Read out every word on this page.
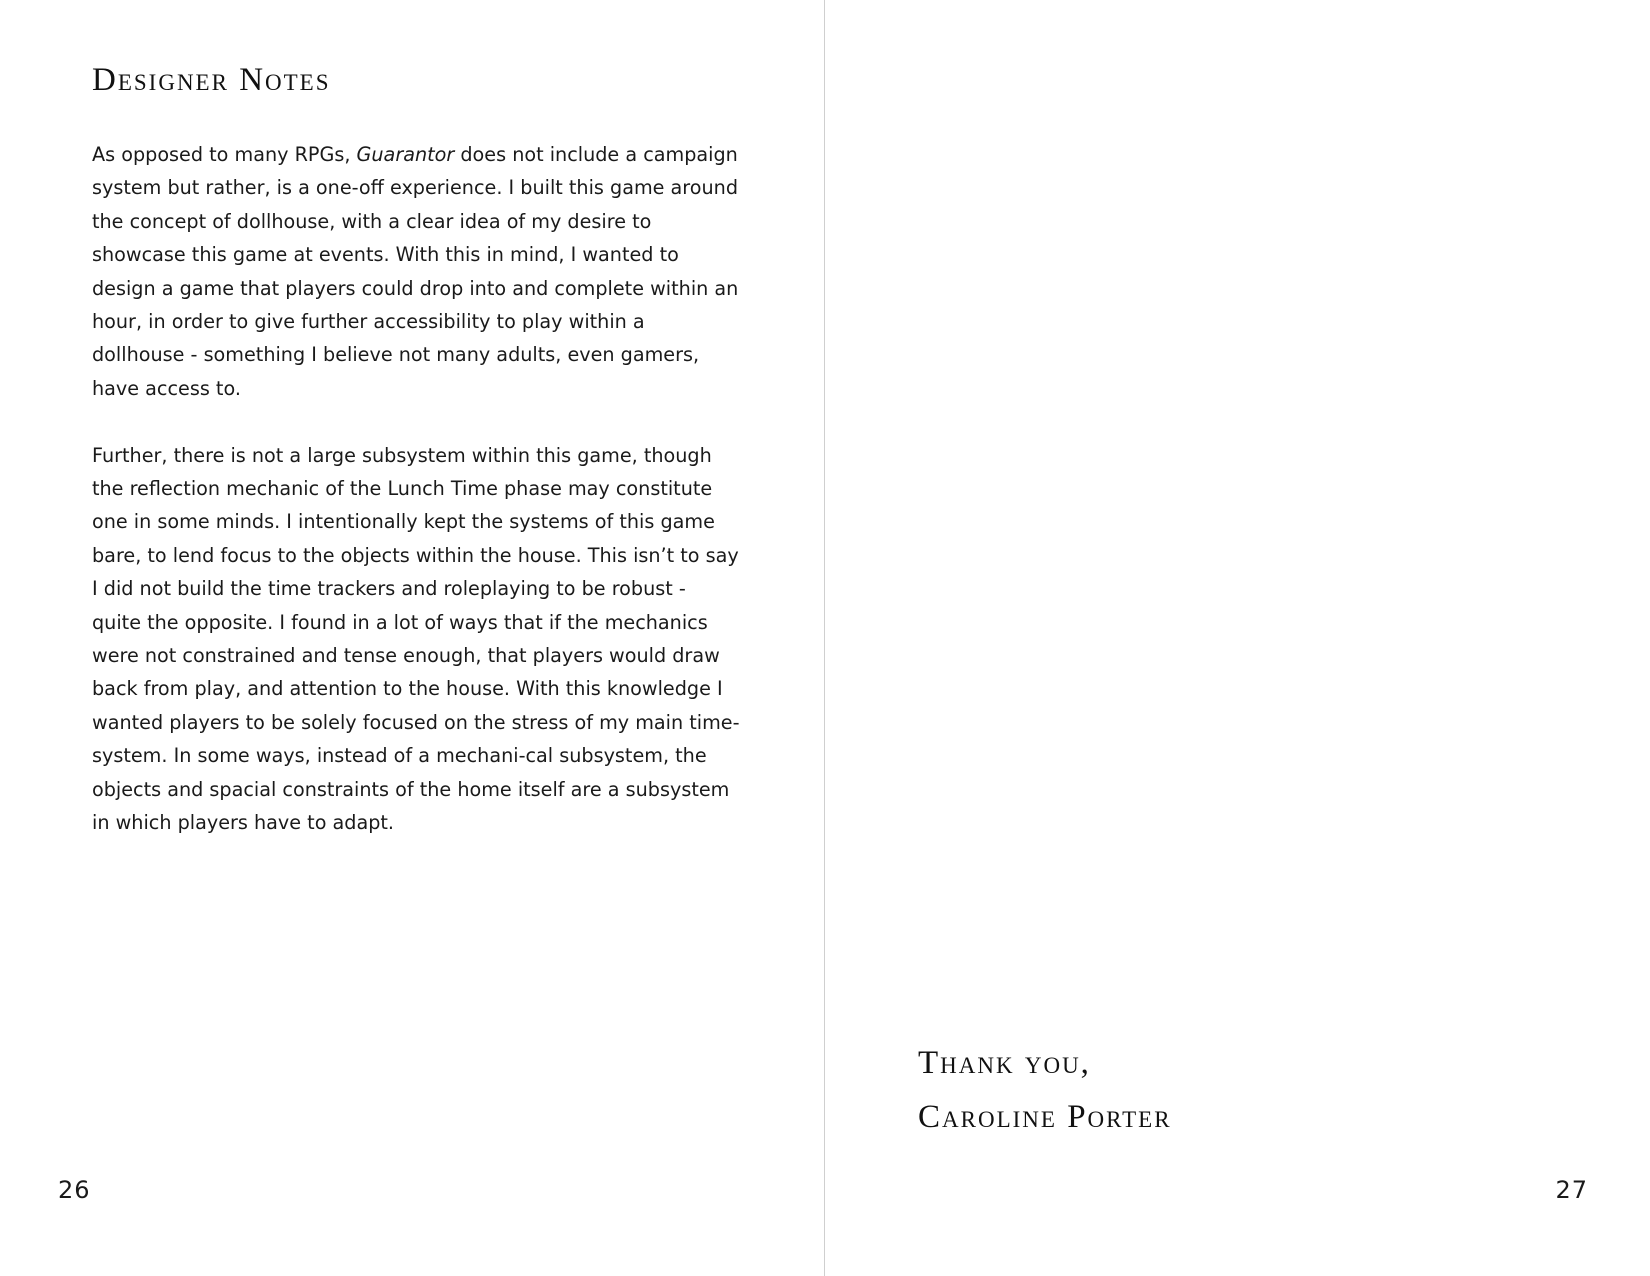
Designer Notes

As opposed to many RPGs, Guarantor does not include a campaign system but rather, is a one-off experience. I built this game around the concept of dollhouse, with a clear idea of my desire to showcase this game at events. With this in mind, I wanted to design a game that players could drop into and complete within an hour, in order to give further accessibility to play within a dollhouse - something I believe not many adults, even gamers, have access to.

Further, there is not a large subsystem within this game, though the reflection mechanic of the Lunch Time phase may constitute one in some minds. I intentionally kept the systems of this game bare, to lend focus to the objects within the house. This isn’t to say I did not build the time trackers and roleplaying to be robust - quite the opposite. I found in a lot of ways that if the mechanics were not constrained and tense enough, that players would draw back from play, and attention to the house. With this knowledge I wanted players to be solely focused on the stress of my main time-system. In some ways, instead of a mechani-cal subsystem, the objects and spacial constraints of the home itself are a subsystem in which players have to adapt.

26
Thank you,
Caroline Porter
27
